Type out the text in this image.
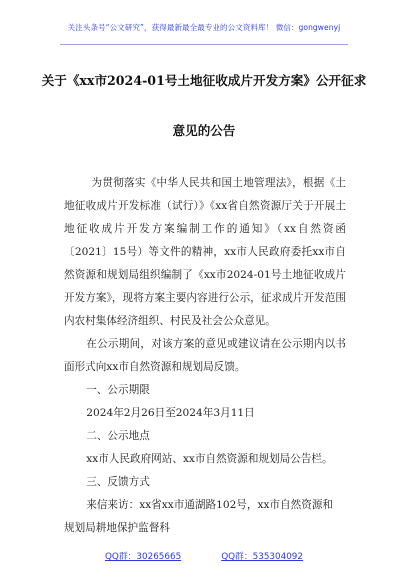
关注头条号“公文研究”，获得最新最全最专业的公文资料库！ 微信：gongwenyj
关于《xx市2024-01号土地征收成片开发方案》公开征求
意见的公告

为贯彻落实《中华人民共和国土地管理法》，根据《土地征收成片开发标准（试行）》《xx省自然资源厅关于开展土地征收成片开发方案编制工作的通知》（xx自然资函〔2021〕15号）等文件的精神，xx市人民政府委托xx市自然资源和规划局组织编制了《xx市2024-01号土地征收成片开发方案》，现将方案主要内容进行公示，征求成片开发范围内农村集体经济组织、村民及社会公众意见。

在公示期间，对该方案的意见或建议请在公示期内以书面形式向xx市自然资源和规划局反馈。

一、公示期限

2024年2月26日至2024年3月11日

二、公示地点

xx市人民政府网站、xx市自然资源和规划局公告栏。

三、反馈方式

来信来访：xx省xx市通湖路102号，xx市自然资源和

规划局耕地保护监督科

QQ群：30265665	QQ群：535304092
